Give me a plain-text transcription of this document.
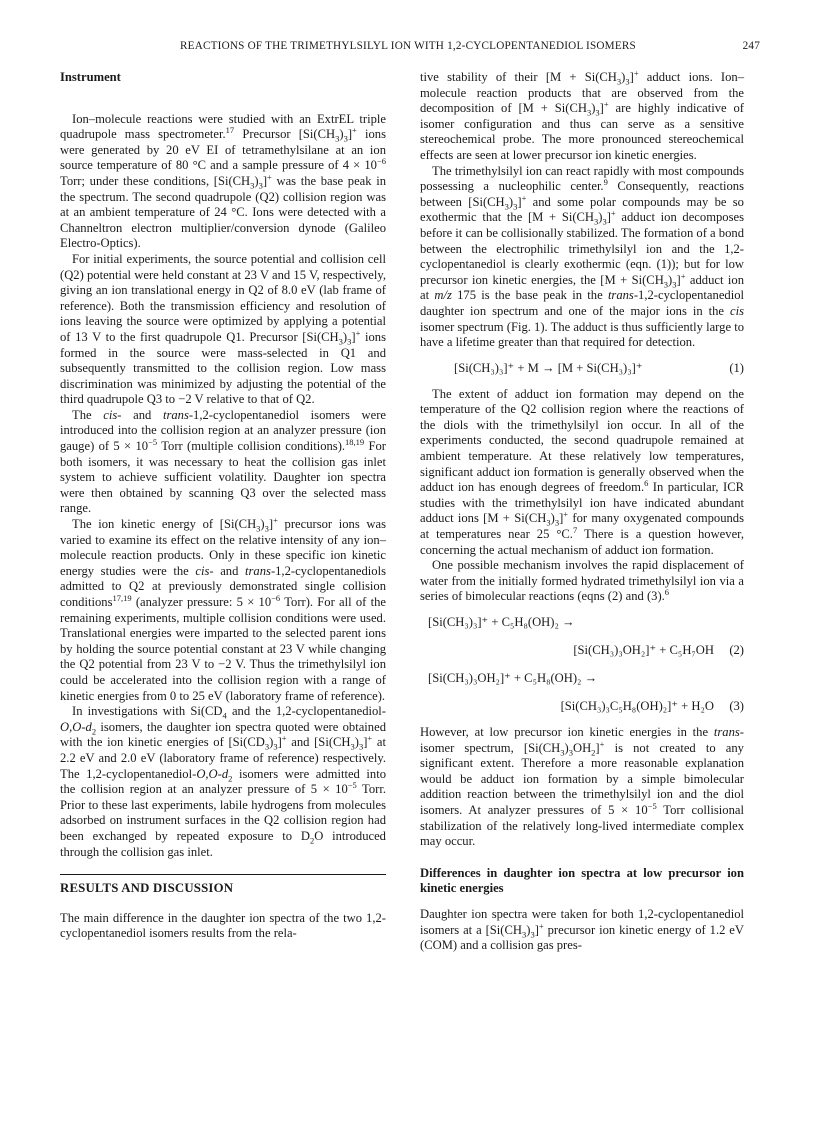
REACTIONS OF THE TRIMETHYLSILYL ION WITH 1,2-CYCLOPENTANEDIOL ISOMERS	247
Instrument

Ion–molecule reactions were studied with an ExtrEL triple quadrupole mass spectrometer.$^{17}$ Precursor $[Si(CH_3)_3]^+$ ions were generated by 20 eV EI of tetramethylsilane at an ion source temperature of 80 °C and a sample pressure of $4 \times 10^{-6}$ Torr; under these conditions, $[Si(CH_3)_3]^+$ was the base peak in the spectrum. The second quadrupole (Q2) collision region was at an ambient temperature of 24 °C. Ions were detected with a Channeltron electron multiplier/conversion dynode (Galileo Electro-Optics).

For initial experiments, the source potential and collision cell (Q2) potential were held constant at 23 V and 15 V, respectively, giving an ion translational energy in Q2 of 8.0 eV (lab frame of reference). Both the transmission efficiency and resolution of ions leaving the source were optimized by applying a potential of 13 V to the first quadrupole Q1. Precursor $[Si(CH_3)_3]^+$ ions formed in the source were mass-selected in Q1 and subsequently transmitted to the collision region. Low mass discrimination was minimized by adjusting the potential of the third quadrupole Q3 to −2 V relative to that of Q2.

The cis- and trans-1,2-cyclopentanediol isomers were introduced into the collision region at an analyzer pressure (ion gauge) of $5 \times 10^{-5}$ Torr (multiple collision conditions).$^{18,19}$ For both isomers, it was necessary to heat the collision gas inlet system to achieve sufficient volatility. Daughter ion spectra were then obtained by scanning Q3 over the selected mass range.

The ion kinetic energy of $[Si(CH_3)_3]^+$ precursor ions was varied to examine its effect on the relative intensity of any ion–molecule reaction products. Only in these specific ion kinetic energy studies were the cis- and trans-1,2-cyclopentanediols admitted to Q2 at previously demonstrated single collision conditions$^{17,19}$ (analyzer pressure: $5 \times 10^{-6}$ Torr). For all of the remaining experiments, multiple collision conditions were used. Translational energies were imparted to the selected parent ions by holding the source potential constant at 23 V while changing the Q2 potential from 23 V to −2 V. Thus the trimethylsilyl ion could be accelerated into the collision region with a range of kinetic energies from 0 to 25 eV (laboratory frame of reference).

In investigations with $Si(CD_4$ and the $1,2-cyclopentanediol-O,O-d_2$ isomers, the daughter ion spectra quoted were obtained with the ion kinetic energies of $[Si(CD_3)_3]^+$ and $[Si(CH_3)_3]^+$ at 2.2 eV and 2.0 eV (laboratory frame of reference) respectively. The $1,2-cyclopentanediol-O,O-d_2$ isomers were admitted into the collision region at an analyzer pressure of $5 \times 10^{-5}$ Torr. Prior to these last experiments, labile hydrogens from molecules adsorbed on instrument surfaces in the Q2 collision region had been exchanged by repeated exposure to $D_2O$ introduced through the collision gas inlet.

RESULTS AND DISCUSSION

The main difference in the daughter ion spectra of the two 1,2-cyclopentanediol isomers results from the rela-

tive stability of their $[M + Si(CH_3)_3]^+$ adduct ions. Ion–molecule reaction products that are observed from the decomposition of $[M + Si(CH_3)_3]^+$ are highly indicative of isomer configuration and thus can serve as a sensitive stereochemical probe. The more pronounced stereochemical effects are seen at lower precursor ion kinetic energies.

The trimethylsilyl ion can react rapidly with most compounds possessing a nucleophilic center.$^9$ Consequently, reactions between $[Si(CH_3)_3]^+$ and some polar compounds may be so exothermic that the $[M + Si(CH_3)_3]^+$ adduct ion decomposes before it can be collisionally stabilized. The formation of a bond between the electrophilic trimethylsilyl ion and the 1,2-cyclopentanediol is clearly exothermic (eqn. (1)); but for low precursor ion kinetic energies, the $[M + Si(CH_3)_3]^+$ adduct ion at m/z 175 is the base peak in the trans-1,2-cyclopentanediol daughter ion spectrum and one of the major ions in the cis isomer spectrum (Fig. 1). The adduct is thus sufficiently large to have a lifetime greater than that required for detection.

[Si(CH₃)₃]⁺ + M → [M + Si(CH₃)₃]⁺	(1)

The extent of adduct ion formation may depend on the temperature of the Q2 collision region where the reactions of the diols with the trimethylsilyl ion occur. In all of the experiments conducted, the second quadrupole remained at ambient temperature. At these relatively low temperatures, significant adduct ion formation is generally observed when the adduct ion has enough degrees of freedom.$^6$ In particular, ICR studies with the trimethylsilyl ion have indicated abundant adduct ions $[M + Si(CH_3)_3]^+$ for many oxygenated compounds at temperatures near 25 °C.$^7$ There is a question however, concerning the actual mechanism of adduct ion formation.

One possible mechanism involves the rapid displacement of water from the initially formed hydrated trimethylsilyl ion via a series of bimolecular reactions (eqns (2) and (3).$^6$

[Si(CH₃)₃]⁺ + C₅H₈(OH)₂ →
[Si(CH₃)₃OH₂]⁺ + C₅H₇OH (2)
[Si(CH₃)₃OH₂]⁺ + C₅H₈(OH)₂ →
[Si(CH₃)₃C₅H₈(OH)₂]⁺ + H₂O (3)

However, at low precursor ion kinetic energies in the trans-isomer spectrum, $[Si(CH_3)_3OH_2]^+$ is not created to any significant extent. Therefore a more reasonable explanation would be adduct ion formation by a simple bimolecular addition reaction between the trimethylsilyl ion and the diol isomers. At analyzer pressures of $5 \times 10^{-5}$ Torr collisional stabilization of the relatively long-lived intermediate complex may occur.

Differences in daughter ion spectra at low precursor ion kinetic energies

Daughter ion spectra were taken for both 1,2-cyclopentanediol isomers at a $[Si(CH_3)_3]^+$ precursor ion kinetic energy of 1.2 eV (COM) and a collision gas pres-
